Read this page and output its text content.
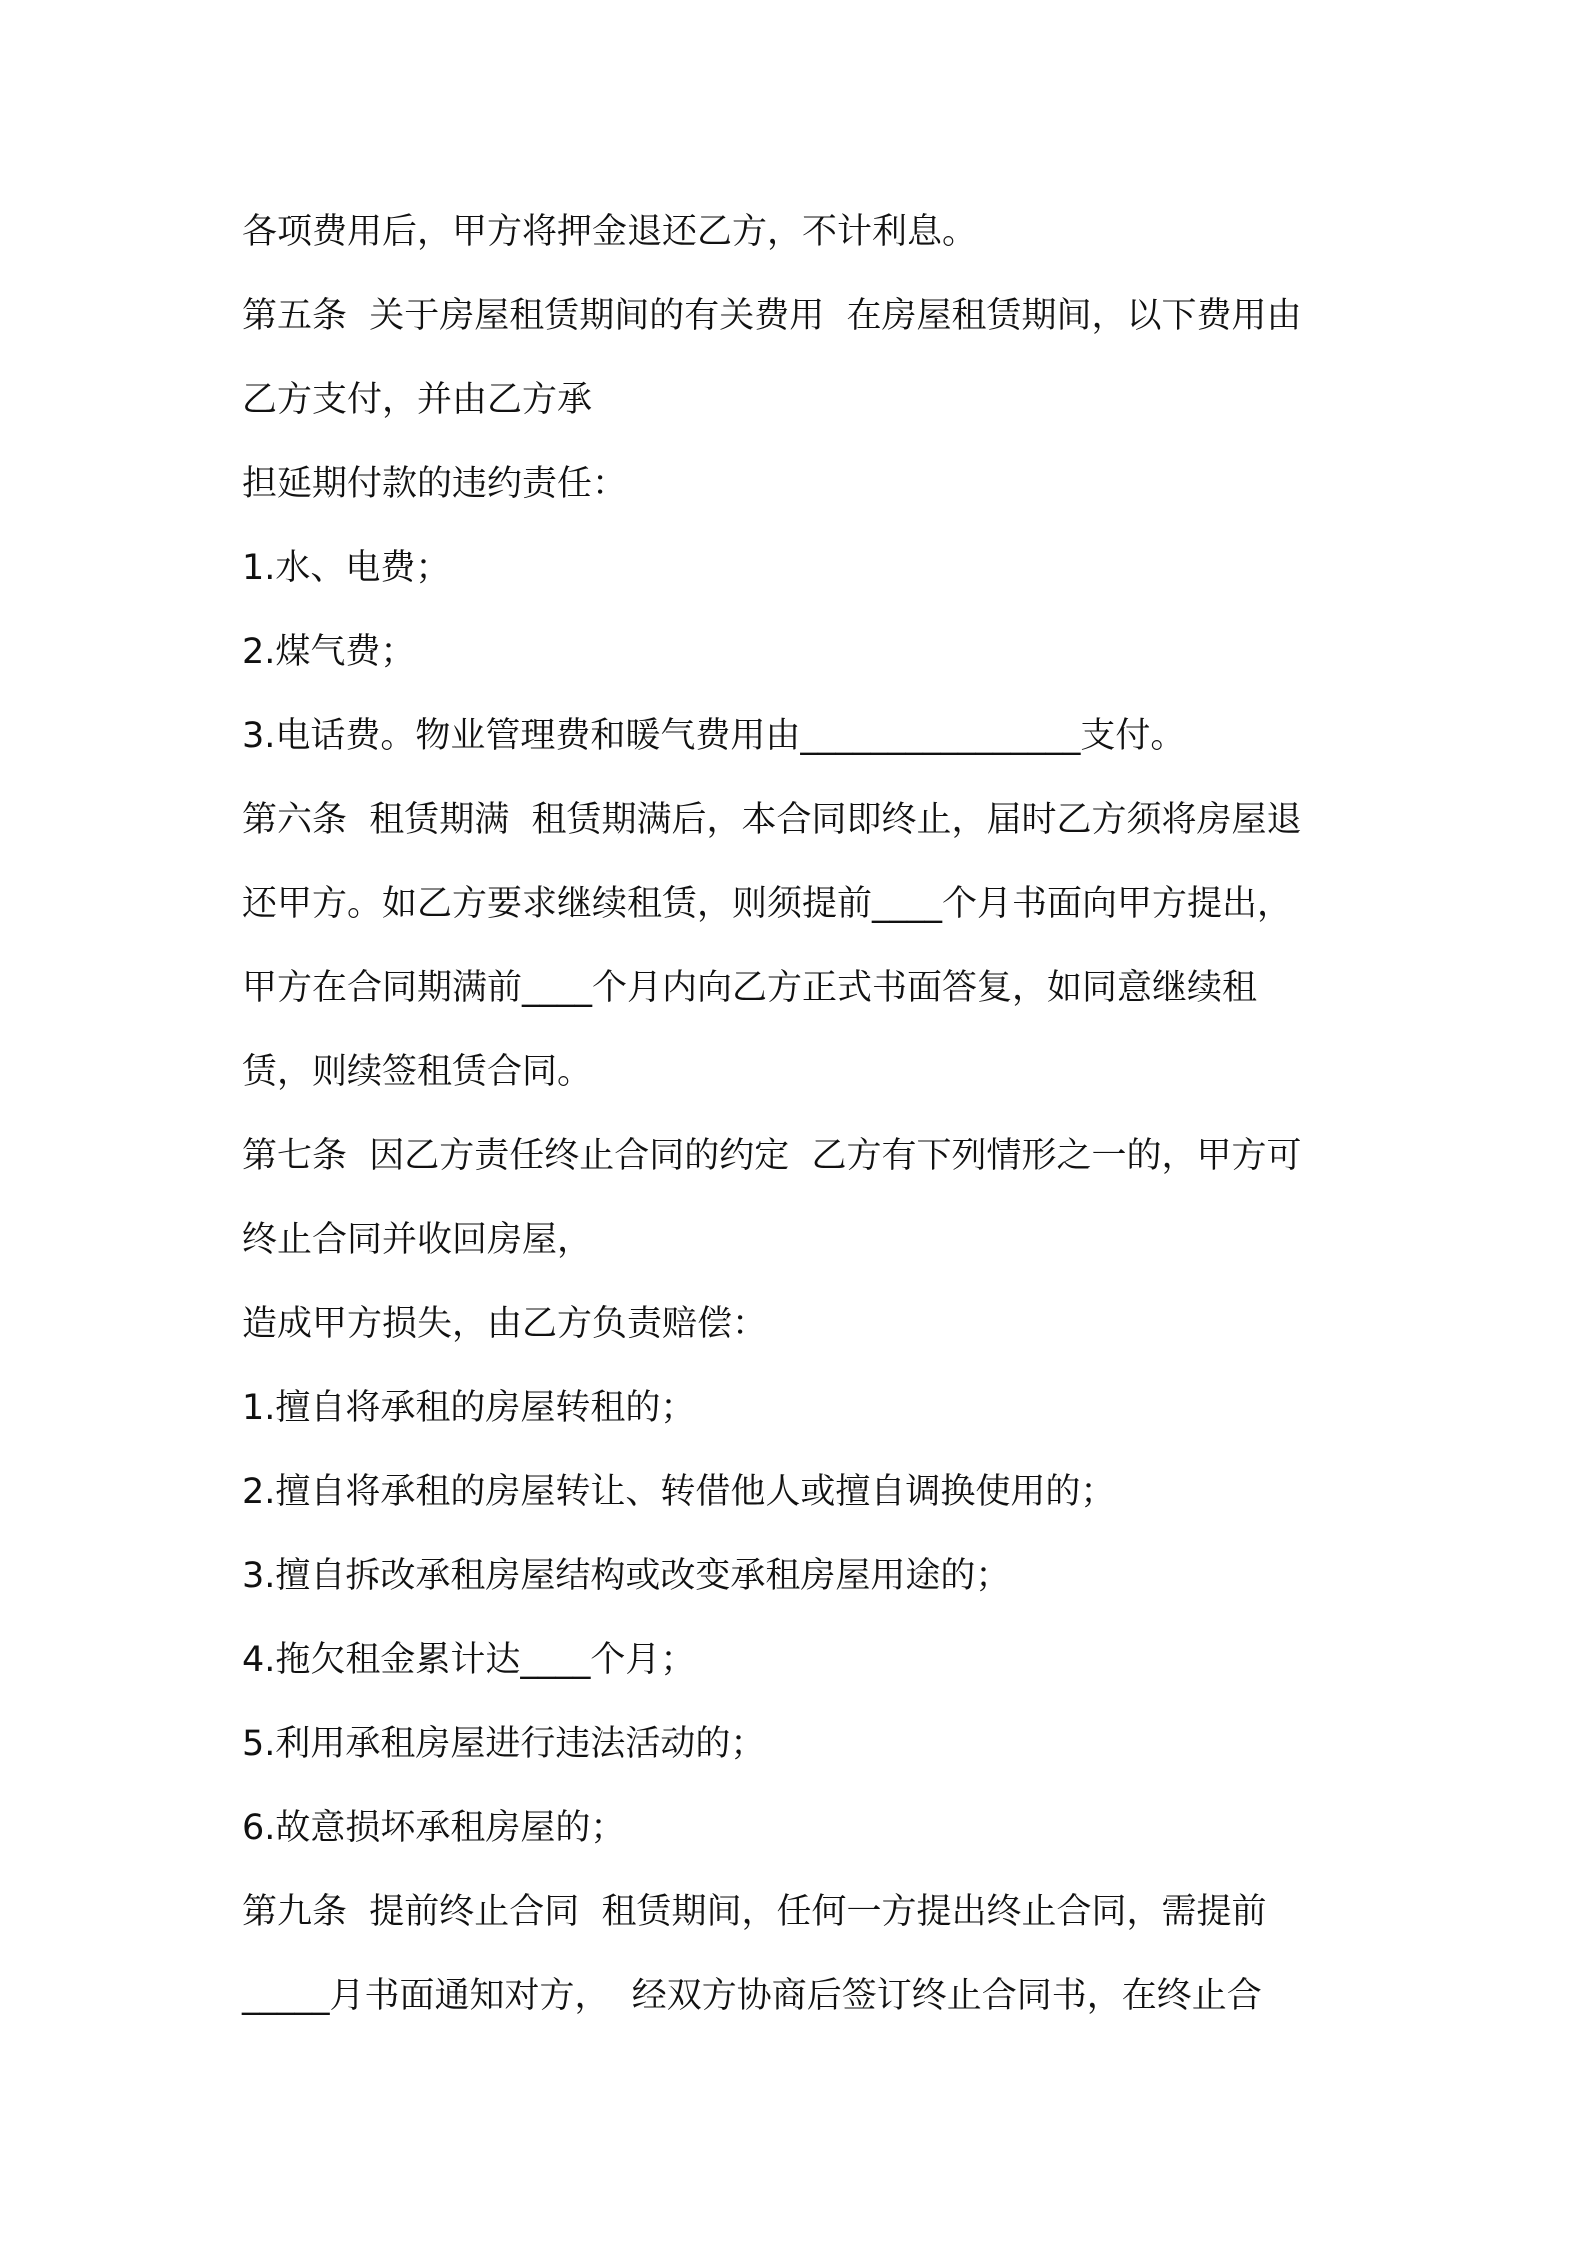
各项费用后，甲方将押金退还乙方，不计利息。
第五条  关于房屋租赁期间的有关费用  在房屋租赁期间，以下费用由
乙方支付，并由乙方承
担延期付款的违约责任：
1.水、电费；
2.煤气费；
3.电话费。物业管理费和暖气费用由________________支付。
第六条  租赁期满  租赁期满后，本合同即终止，届时乙方须将房屋退
还甲方。如乙方要求继续租赁，则须提前____个月书面向甲方提出，
甲方在合同期满前____个月内向乙方正式书面答复，如同意继续租
赁，则续签租赁合同。
第七条  因乙方责任终止合同的约定  乙方有下列情形之一的，甲方可
终止合同并收回房屋，
造成甲方损失，由乙方负责赔偿：
1.擅自将承租的房屋转租的；
2.擅自将承租的房屋转让、转借他人或擅自调换使用的；
3.擅自拆改承租房屋结构或改变承租房屋用途的；
4.拖欠租金累计达____个月；
5.利用承租房屋进行违法活动的；
6.故意损坏承租房屋的；
第九条  提前终止合同  租赁期间，任何一方提出终止合同，需提前
_____月书面通知对方，  经双方协商后签订终止合同书，在终止合
